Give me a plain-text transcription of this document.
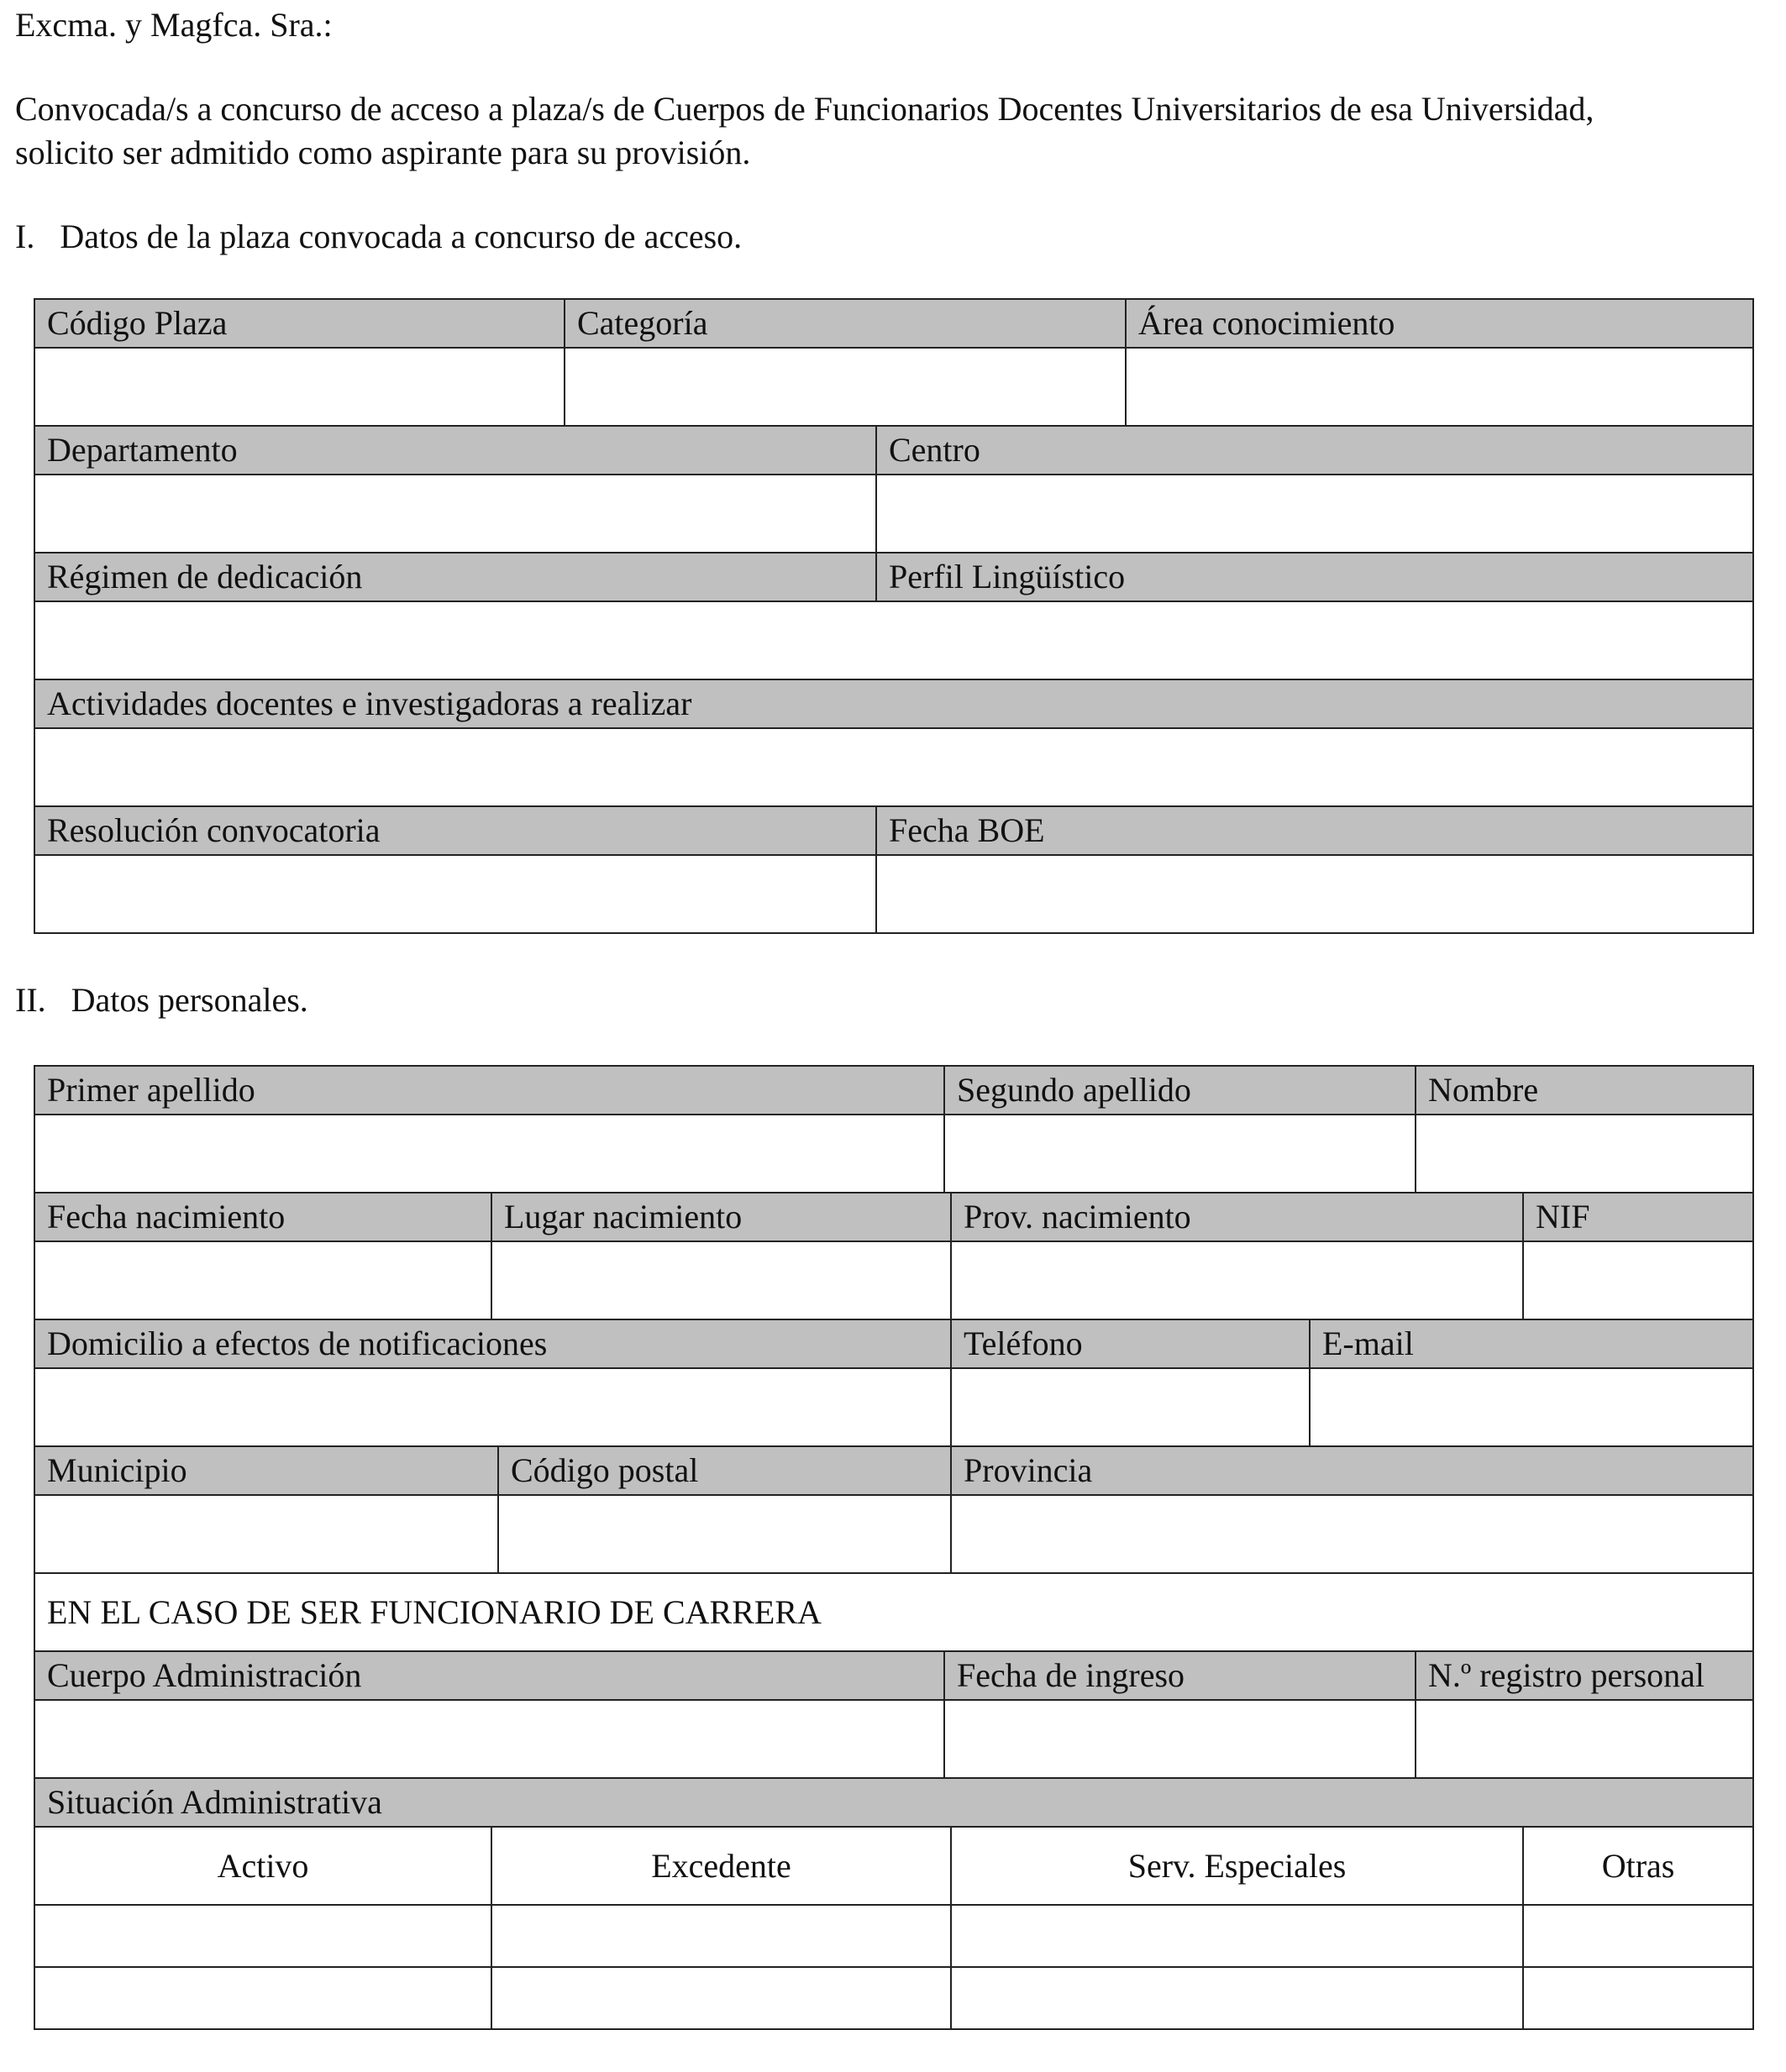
Excma. y Magfca. Sra.:

Convocada/s a concurso de acceso a plaza/s de Cuerpos de Funcionarios Docentes Universitarios de esa Universidad,

solicito ser admitido como aspirante para su provisión.

I. Datos de la plaza convocada a concurso de acceso.

Código Plaza	Categoría		Área conocimiento

Departamento		Centro	

Régimen de dedicación		Perfil Lingüístico	

Actividades docentes e investigadoras a realizar			

Resolución convocatoria		Fecha BOE	

II. Datos personales.

Primer apellido			Segundo apellido			Nombre	

Fecha nacimiento	Lugar nacimiento			Prov. nacimiento			NIF

Domicilio a efectos de notificaciones				Teléfono	E-mail		

Municipio		Código postal		Provincia			

EN EL CASO DE SER FUNCIONARIO DE CARRERA							
Cuerpo Administración			Fecha de ingreso			N.º registro personal	

Situación Administrativa							
Activo	Excedente			Serv. Especiales			Otras
